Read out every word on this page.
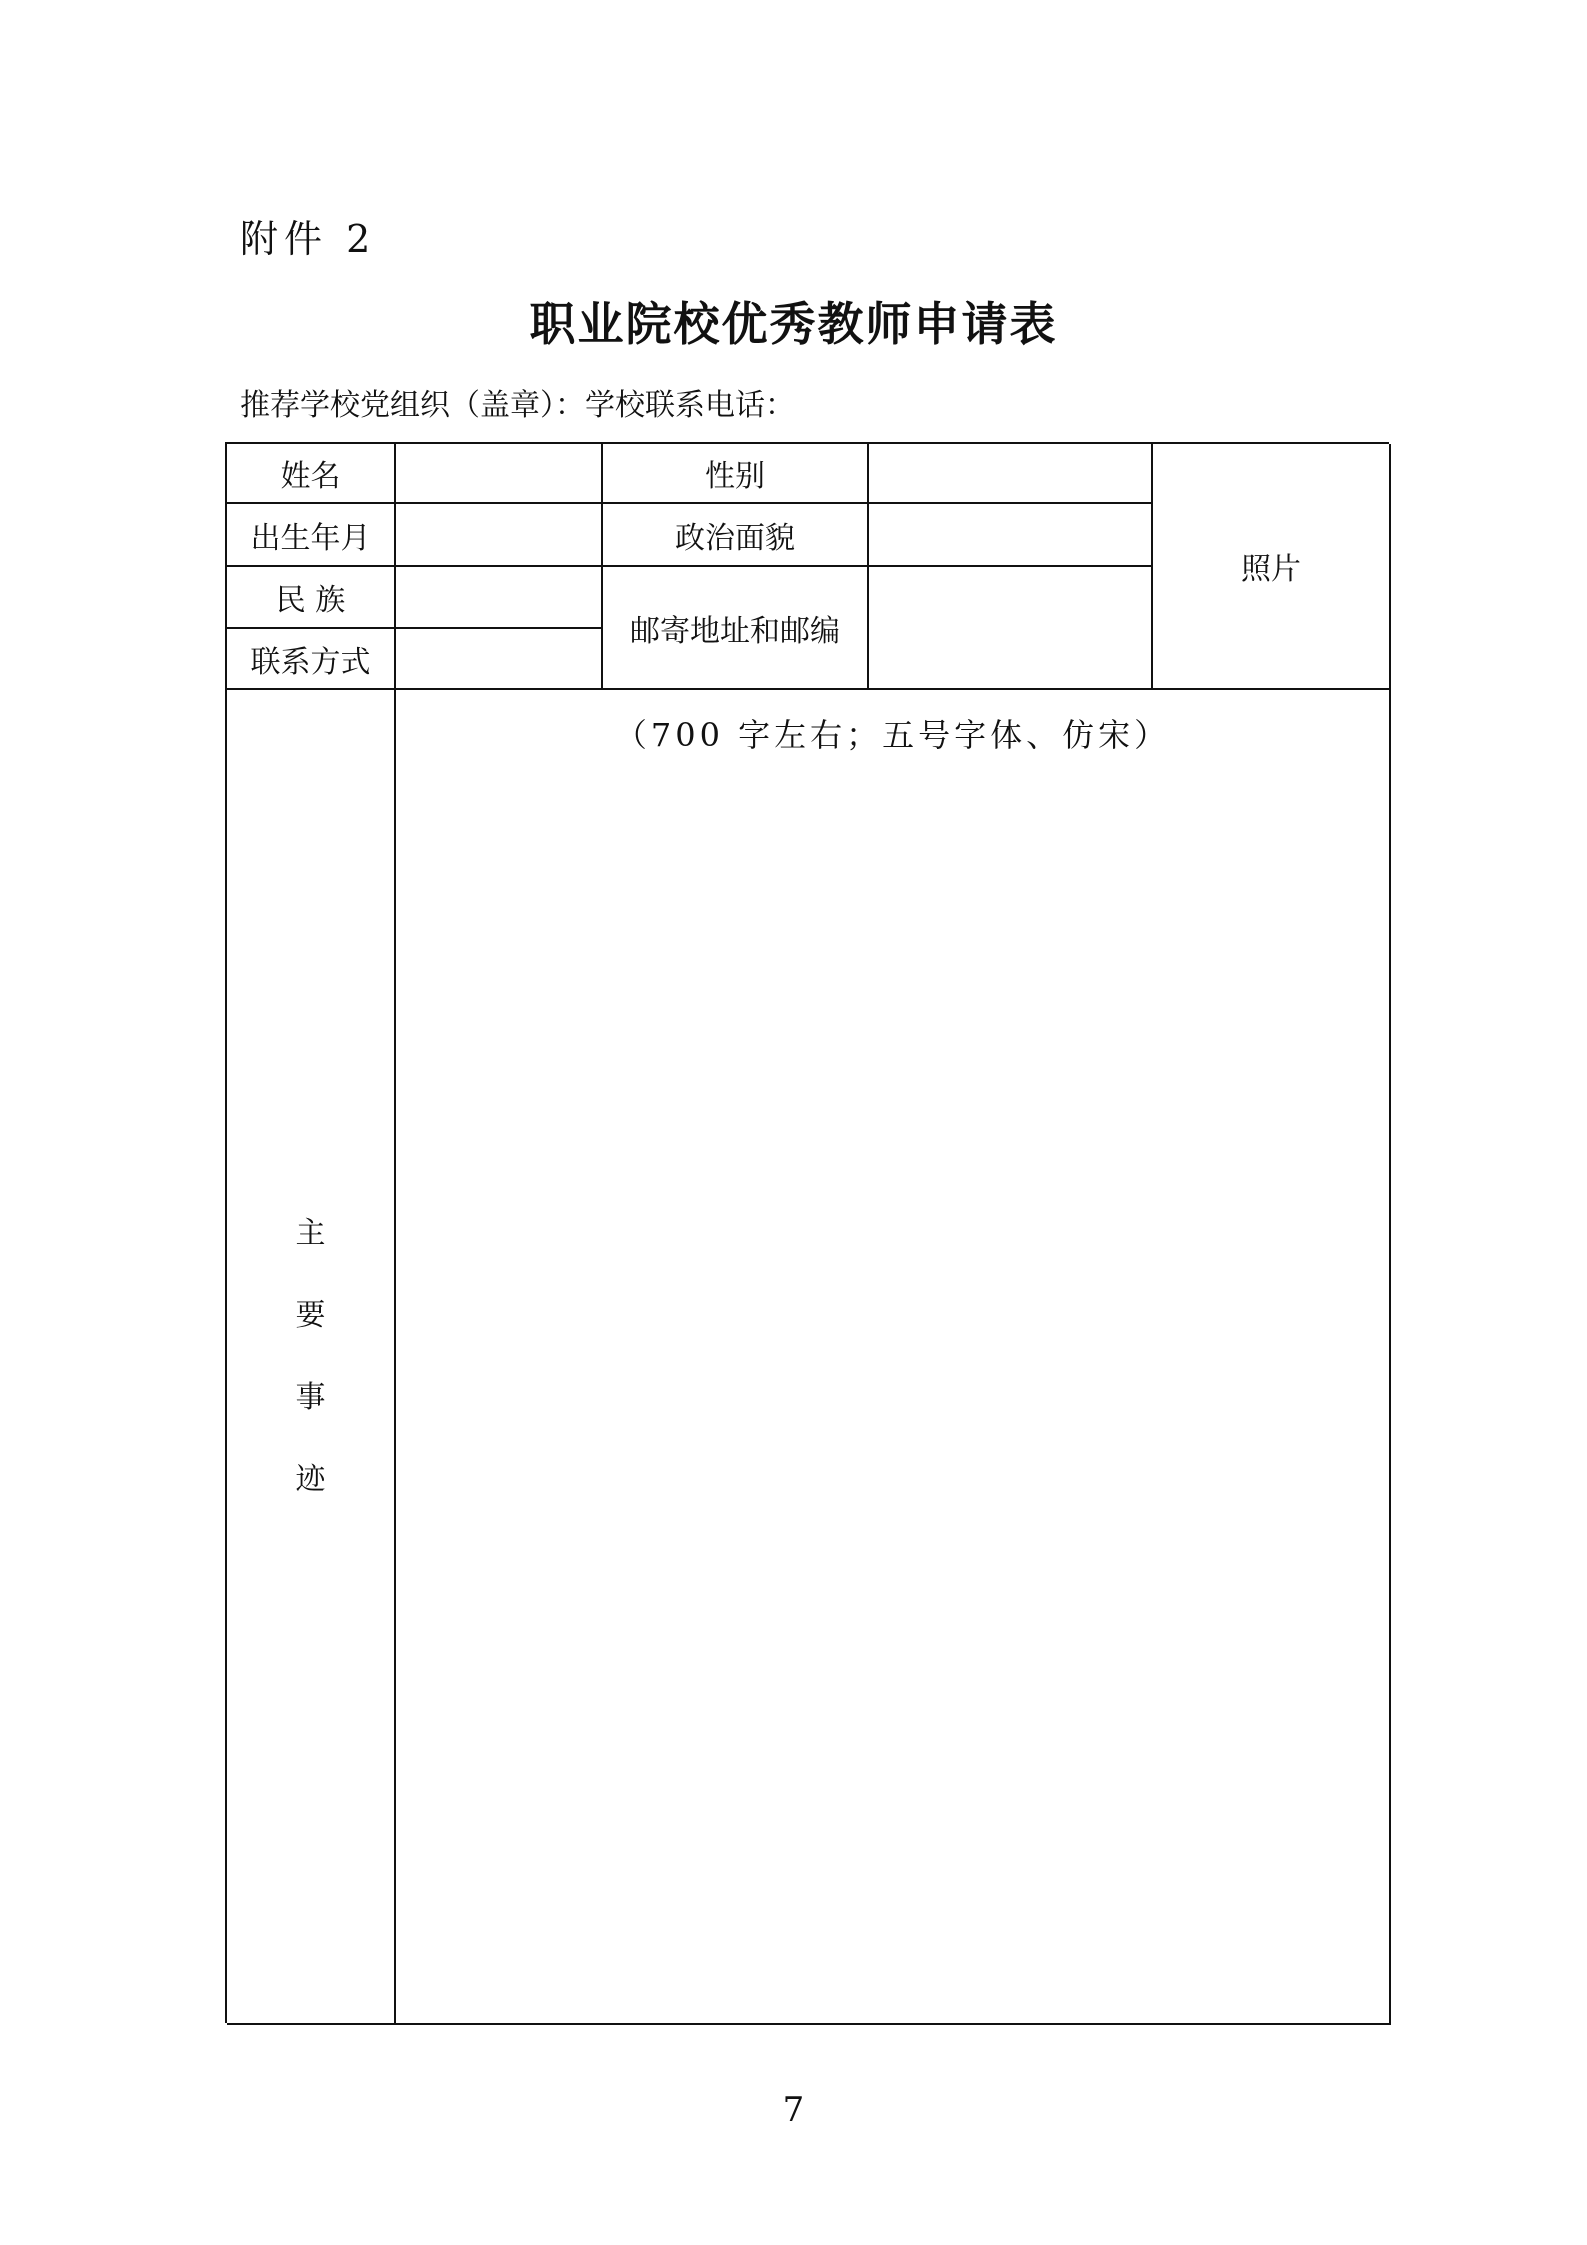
附件 2
职业院校优秀教师申请表
推荐学校党组织（盖章）：学校联系电话：
姓名	性别
照片
出生年月	政治面貌
民 族
邮寄地址和邮编
联系方式
主
要
事
迹
（700 字左右；五号字体、仿宋）
7
